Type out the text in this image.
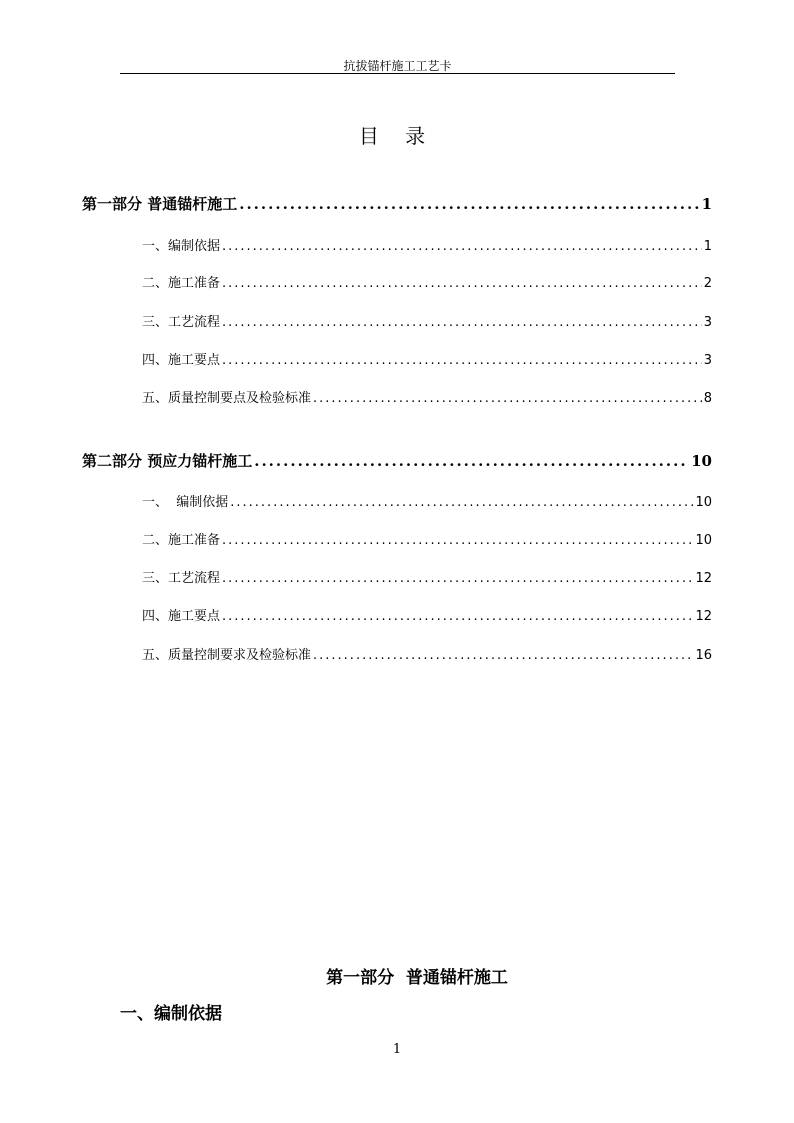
抗拔锚杆施工工艺卡
目 录
第一部分 普通锚杆施工 .....	1
一、编制依据 .....	1
二、施工准备 .....	2
三、工艺流程 .....	3
四、施工要点 .....	3
五、质量控制要点及检验标准 .....	8
第二部分 预应力锚杆施工 .....	10
一、  编制依据 .....	10
二、施工准备 .....	10
三、工艺流程 .....	12
四、施工要点 .....	12
五、质量控制要求及检验标准 .....	16
第一部分  普通锚杆施工
一、编制依据
1
